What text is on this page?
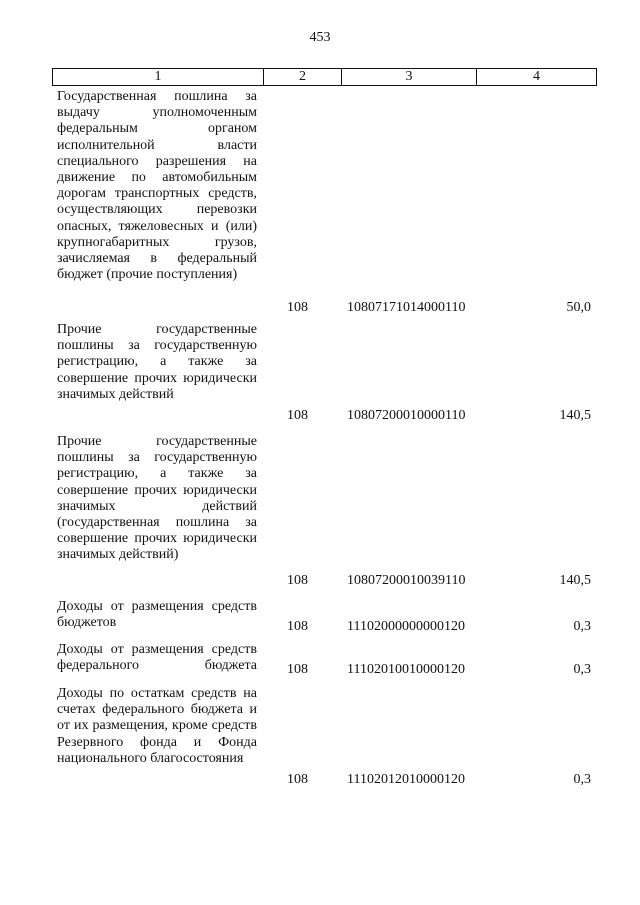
453
1	2	3	4
Государственная пошлина за выдачу уполномоченным федеральным органом исполнительной власти специального разрешения на движение по автомобильным дорогам транспортных средств, осуществляющих перевозки опасных, тяжеловесных и (или) крупногабаритных грузов, зачисляемая в федеральный бюджет (прочие поступления)
108	10807171014000110	50,0
Прочие государственные пошлины за государственную регистрацию, а также за совершение прочих юридически значимых действий
108	10807200010000110	140,5
Прочие государственные пошлины за государственную регистрацию, а также за совершение прочих юридически значимых действий (государственная пошлина за совершение прочих юридически значимых действий)
108	10807200010039110	140,5
Доходы от размещения средств бюджетов	108	11102000000000120	0,3
Доходы от размещения средств федерального бюджета 108	11102010010000120	0,3
Доходы по остаткам средств на счетах федерального бюджета и от их размещения, кроме средств Резервного фонда и Фонда национального благосостояния
108	11102012010000120	0,3
